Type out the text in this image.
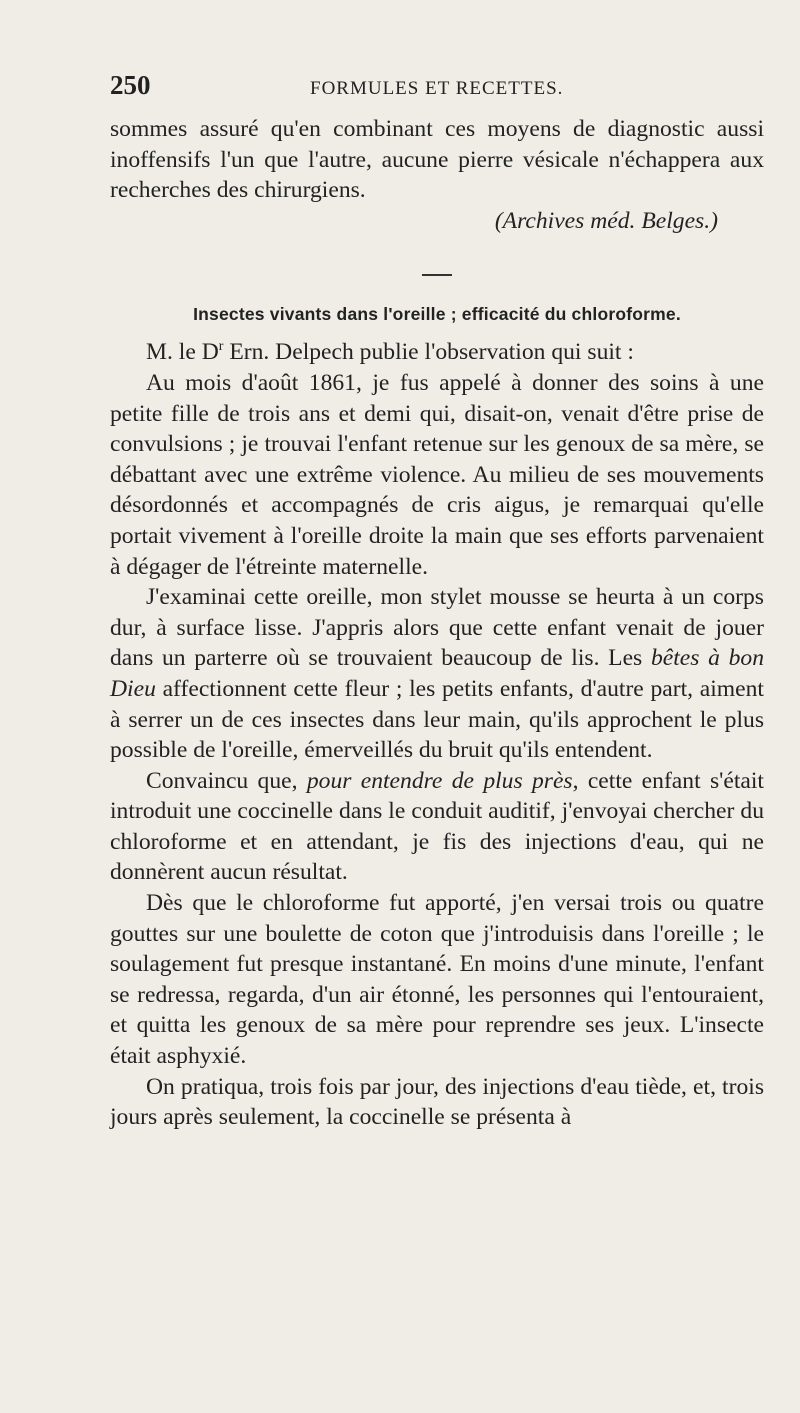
250	FORMULES ET RECETTES.

sommes assuré qu'en combinant ces moyens de diagnostic aussi inoffensifs l'un que l'autre, aucune pierre vésicale n'échappera aux recherches des chirurgiens.

(Archives méd. Belges.)

Insectes vivants dans l'oreille ; efficacité du chloroforme.

M. le $D^r$ Ern. Delpech publie l'observation qui suit :

Au mois d'août 1861, je fus appelé à donner des soins à une petite fille de trois ans et demi qui, disait-on, venait d'être prise de convulsions ; je trouvai l'enfant retenue sur les genoux de sa mère, se débattant avec une extrême violence. Au milieu de ses mouvements désordonnés et accompagnés de cris aigus, je remarquai qu'elle portait vivement à l'oreille droite la main que ses efforts parvenaient à dégager de l'étreinte maternelle.

J'examinai cette oreille, mon stylet mousse se heurta à un corps dur, à surface lisse. J'appris alors que cette enfant venait de jouer dans un parterre où se trouvaient beaucoup de lis. Les bêtes à bon Dieu affectionnent cette fleur ; les petits enfants, d'autre part, aiment à serrer un de ces insectes dans leur main, qu'ils approchent le plus possible de l'oreille, émerveillés du bruit qu'ils entendent.

Convaincu que, pour entendre de plus près, cette enfant s'était introduit une coccinelle dans le conduit auditif, j'envoyai chercher du chloroforme et en attendant, je fis des injections d'eau, qui ne donnèrent aucun résultat.

Dès que le chloroforme fut apporté, j'en versai trois ou quatre gouttes sur une boulette de coton que j'introduisis dans l'oreille ; le soulagement fut presque instantané. En moins d'une minute, l'enfant se redressa, regarda, d'un air étonné, les personnes qui l'entouraient, et quitta les genoux de sa mère pour reprendre ses jeux. L'insecte était asphyxié.

On pratiqua, trois fois par jour, des injections d'eau tiède, et, trois jours après seulement, la coccinelle se présenta à
